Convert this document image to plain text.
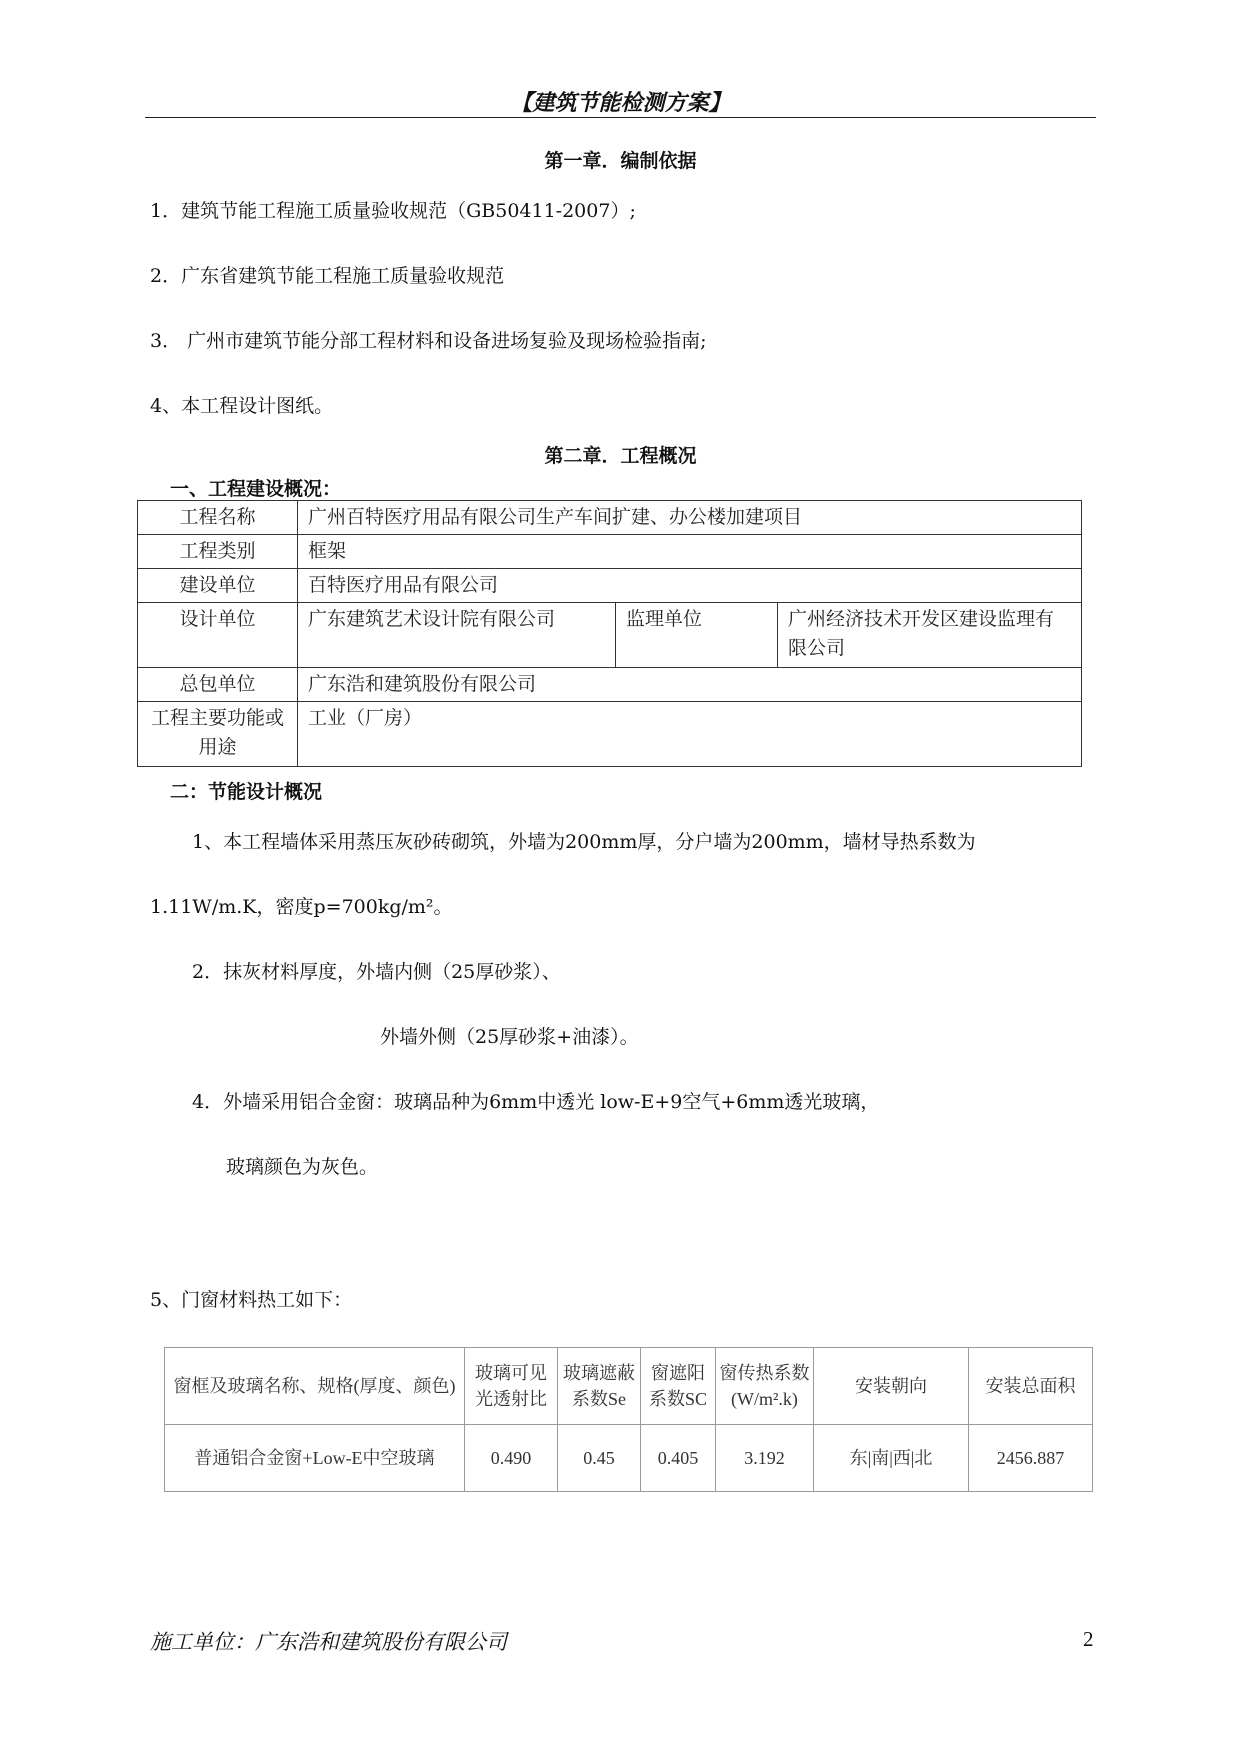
【建筑节能检测方案】
第一章．编制依据
1．建筑节能工程施工质量验收规范（GB50411-2007）;
2．广东省建筑节能工程施工质量验收规范
3． 广州市建筑节能分部工程材料和设备进场复验及现场检验指南;
4、本工程设计图纸。
第二章．工程概况
一、工程建设概况：
工程名称	广州百特医疗用品有限公司生产车间扩建、办公楼加建项目		
工程类别	框架		
建设单位	百特医疗用品有限公司		
设计单位	广东建筑艺术设计院有限公司	监理单位	广州经济技术开发区建设监理有限公司
总包单位	广东浩和建筑股份有限公司		
工程主要功能或用途	工业（厂房）		
二：节能设计概况
1、本工程墙体采用蒸压灰砂砖砌筑，外墙为200mm厚，分户墙为200mm，墙材导热系数为
1.11W/m.K，密度p=700kg/m²。
2．抹灰材料厚度，外墙内侧（25厚砂浆）、
外墙外侧（25厚砂浆+油漆）。
4．外墙采用铝合金窗：玻璃品种为6mm中透光 low-E+9空气+6mm透光玻璃，
玻璃颜色为灰色。
5、门窗材料热工如下：
窗框及玻璃名称、规格(厚度、颜色)	玻璃可见光透射比	玻璃遮蔽系数Se	窗遮阳系数SC	窗传热系数(W/m².k)	安装朝向	安装总面积
普通铝合金窗+Low-E中空玻璃	0.490	0.45	0.405	3.192	东|南|西|北	2456.887
施工单位：广东浩和建筑股份有限公司	2
